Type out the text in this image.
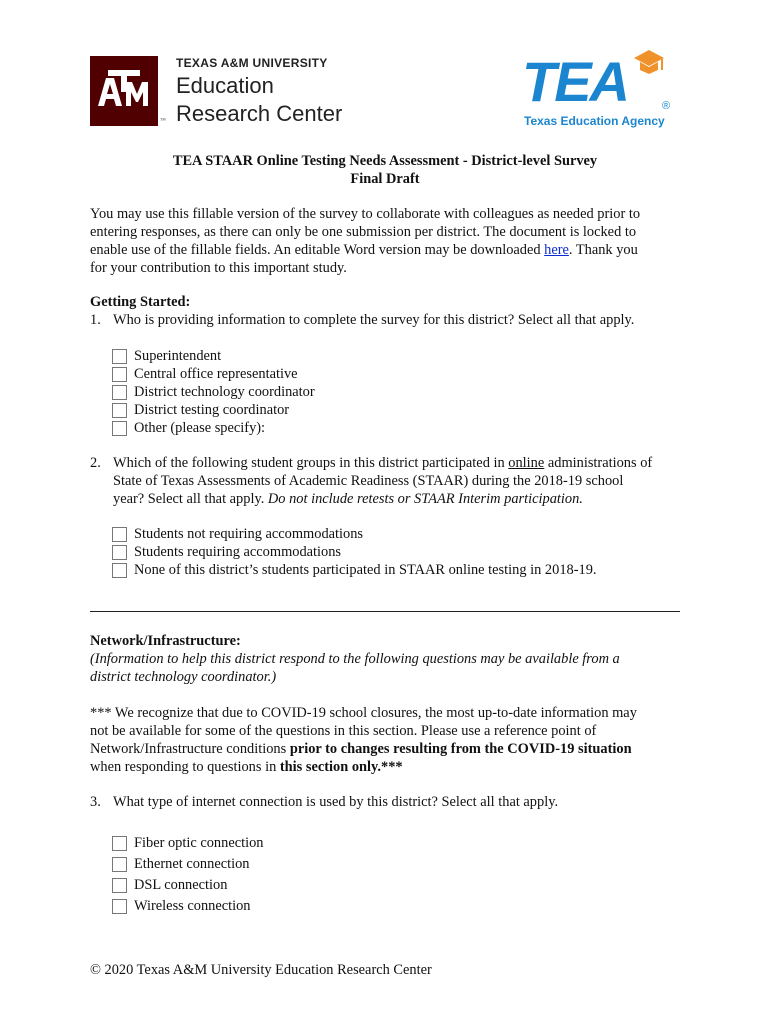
™
TEXAS A&M UNIVERSITY
Education
Research Center
TEA	®
Texas Education Agency
TEA STAAR Online Testing Needs Assessment - District-level Survey
Final Draft
You may use this fillable version of the survey to collaborate with colleagues as needed prior to
entering responses, as there can only be one submission per district. The document is locked to
enable use of the fillable fields. An editable Word version may be downloaded here. Thank you
for your contribution to this important study.
Getting Started:
1. Who is providing information to complete the survey for this district? Select all that apply.
Superintendent
Central office representative
District technology coordinator
District testing coordinator
Other (please specify):
2. Which of the following student groups in this district participated in online administrations of
State of Texas Assessments of Academic Readiness (STAAR) during the 2018-19 school
year? Select all that apply. Do not include retests or STAAR Interim participation.
Students not requiring accommodations
Students requiring accommodations
None of this district’s students participated in STAAR online testing in 2018-19.
Network/Infrastructure:
(Information to help this district respond to the following questions may be available from a
district technology coordinator.)
*** We recognize that due to COVID-19 school closures, the most up-to-date information may
not be available for some of the questions in this section. Please use a reference point of
Network/Infrastructure conditions prior to changes resulting from the COVID-19 situation
when responding to questions in this section only.***
3. What type of internet connection is used by this district? Select all that apply.
Fiber optic connection
Ethernet connection
DSL connection
Wireless connection
© 2020 Texas A&M University Education Research Center
